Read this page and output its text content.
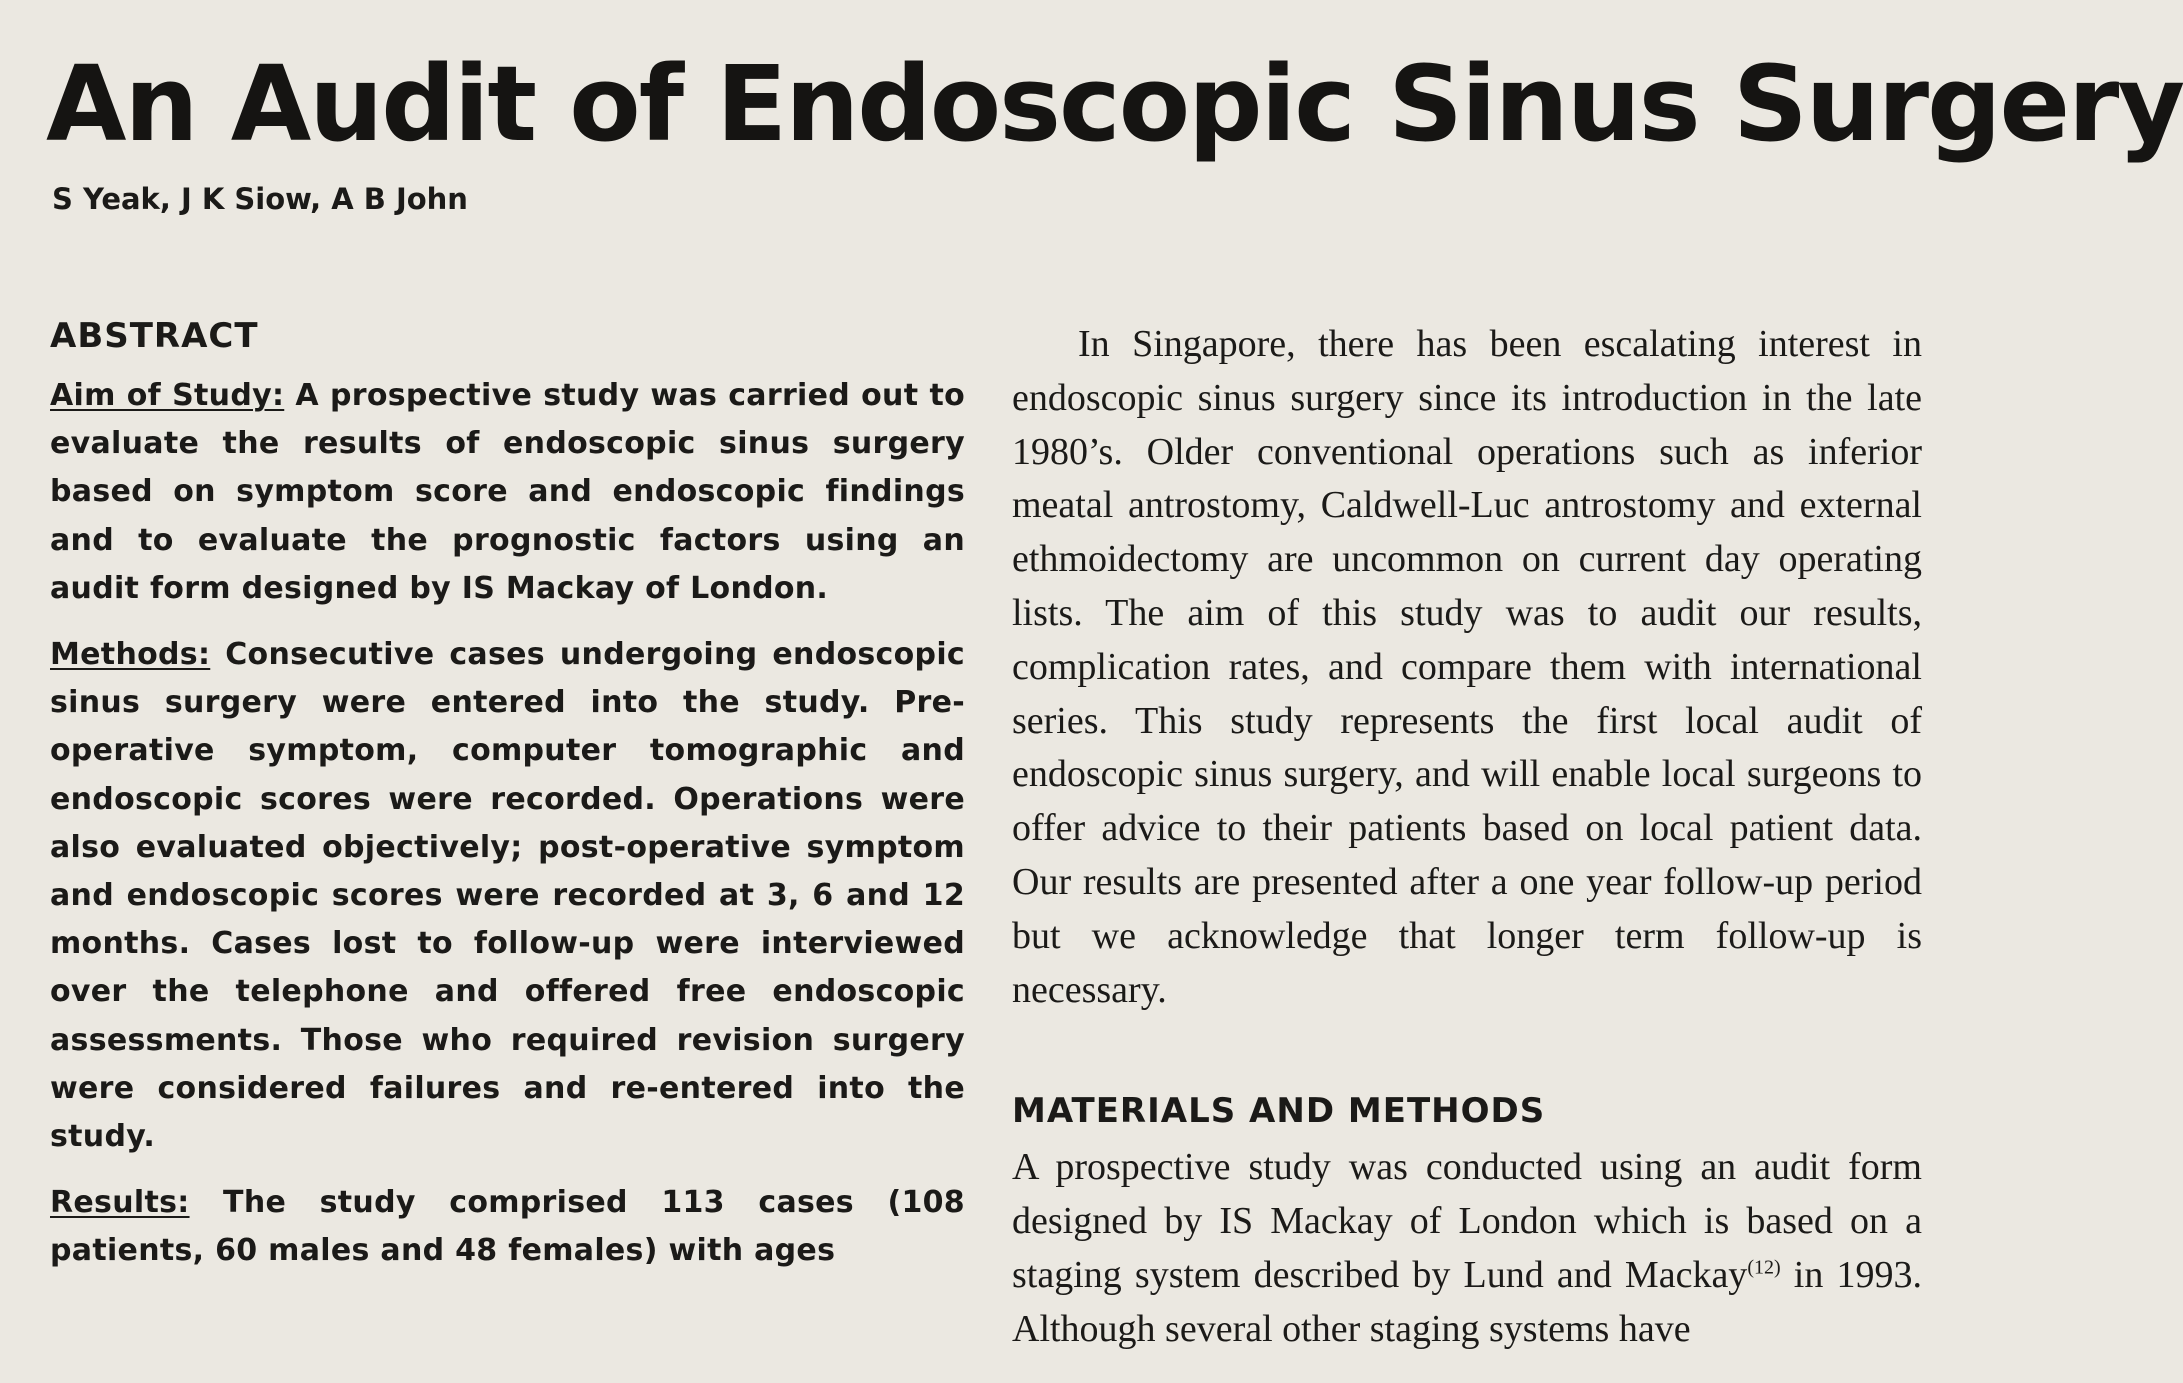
An Audit of Endoscopic Sinus Surgery

S Yeak, J K Siow, A B John

ABSTRACT

Aim of Study: A prospective study was carried out to evaluate the results of endoscopic sinus surgery based on symptom score and endoscopic findings and to evaluate the prognostic factors using an audit form designed by IS Mackay of London.

Methods: Consecutive cases undergoing endoscopic sinus surgery were entered into the study. Pre-operative symptom, computer tomographic and endoscopic scores were recorded. Operations were also evaluated objectively; post-operative symptom and endoscopic scores were recorded at 3, 6 and 12 months. Cases lost to follow-up were interviewed over the telephone and offered free endoscopic assessments. Those who required revision surgery were considered failures and re-entered into the study.

Results: The study comprised 113 cases (108 patients, 60 males and 48 females) with ages

In Singapore, there has been escalating interest in endoscopic sinus surgery since its introduction in the late 1980’s. Older conventional operations such as inferior meatal antrostomy, Caldwell-Luc antrostomy and external ethmoidectomy are uncommon on current day operating lists. The aim of this study was to audit our results, complication rates, and compare them with international series. This study represents the first local audit of endoscopic sinus surgery, and will enable local surgeons to offer advice to their patients based on local patient data. Our results are presented after a one year follow-up period but we acknowledge that longer term follow-up is necessary.

MATERIALS AND METHODS

A prospective study was conducted using an audit form designed by IS Mackay of London which is based on a staging system described by Lund and Mackay$^{(12)}$ in 1993. Although several other staging systems have
